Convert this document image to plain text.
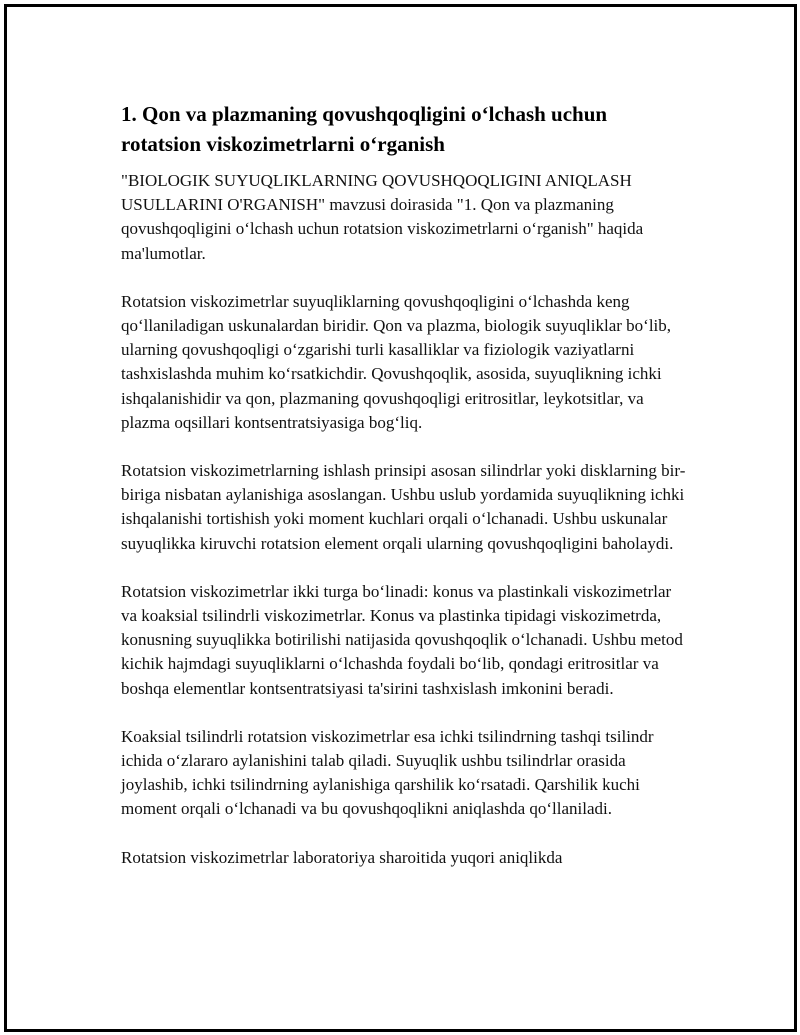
1. Qon va plazmaning qovushqoqligini o‘lchash uchun rotatsion viskozimetrlarni o‘rganish

"BIOLOGIK SUYUQLIKLARNING QOVUSHQOQLIGINI ANIQLASH USULLARINI O'RGANISH" mavzusi doirasida "1. Qon va plazmaning qovushqoqligini o‘lchash uchun rotatsion viskozimetrlarni o‘rganish" haqida ma'lumotlar.

Rotatsion viskozimetrlar suyuqliklarning qovushqoqligini o‘lchashda keng qo‘llaniladigan uskunalardan biridir. Qon va plazma, biologik suyuqliklar bo‘lib, ularning qovushqoqligi o‘zgarishi turli kasalliklar va fiziologik vaziyatlarni tashxislashda muhim ko‘rsatkichdir. Qovushqoqlik, asosida, suyuqlikning ichki ishqalanishidir va qon, plazmaning qovushqoqligi eritrositlar, leykotsitlar, va plazma oqsillari kontsentratsiyasiga bog‘liq.

Rotatsion viskozimetrlarning ishlash prinsipi asosan silindrlar yoki disklarning bir-biriga nisbatan aylanishiga asoslangan. Ushbu uslub yordamida suyuqlikning ichki ishqalanishi tortishish yoki moment kuchlari orqali o‘lchanadi. Ushbu uskunalar suyuqlikka kiruvchi rotatsion element orqali ularning qovushqoqligini baholaydi.

Rotatsion viskozimetrlar ikki turga bo‘linadi: konus va plastinkali viskozimetrlar va koaksial tsilindrli viskozimetrlar. Konus va plastinka tipidagi viskozimetrda, konusning suyuqlikka botirilishi natijasida qovushqoqlik o‘lchanadi. Ushbu metod kichik hajmdagi suyuqliklarni o‘lchashda foydali bo‘lib, qondagi eritrositlar va boshqa elementlar kontsentratsiyasi ta'sirini tashxislash imkonini beradi.

Koaksial tsilindrli rotatsion viskozimetrlar esa ichki tsilindrning tashqi tsilindr ichida o‘zlararo aylanishini talab qiladi. Suyuqlik ushbu tsilindrlar orasida joylashib, ichki tsilindrning aylanishiga qarshilik ko‘rsatadi. Qarshilik kuchi moment orqali o‘lchanadi va bu qovushqoqlikni aniqlashda qo‘llaniladi.

Rotatsion viskozimetrlar laboratoriya sharoitida yuqori aniqlikda
